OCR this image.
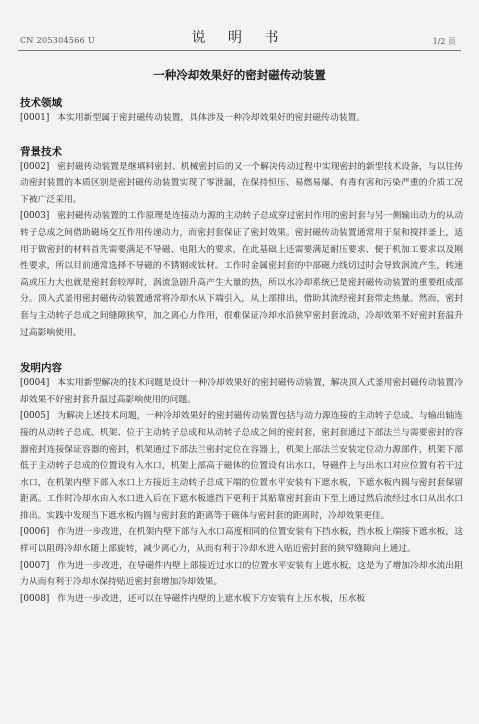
CN 205304566 U	说 明 书	1/2 页
一种冷却效果好的密封磁传动装置
技术领域

[0001] 本实用新型属于密封磁传动装置，具体涉及一种冷却效果好的密封磁传动装置。

背景技术

[0002] 密封磁传动装置是继填料密封、机械密封后的又一个解决传动过程中实现密封的新型技术设备，与以往传动密封装置的本质区别是密封磁传动装置实现了零泄漏，在保持恒压、易燃易爆、有毒有害和污染严重的介质工况下被广泛采用。

[0003] 密封磁传动装置的工作原理是连接动力源的主动转子总成穿过密封作用的密封套与另一侧输出动力的从动转子总成之间借助磁场交互作用传递动力，而密封套保证了密封效果。密封磁传动装置通常用于泵和搅拌釜上，适用于做密封的材料首先需要满足不导磁、电阻大的要求，在此基础上还需要满足耐压要求、便于机加工要求以及刚性要求，所以目前通常选择不导磁的不锈钢或钛材。工作时金属密封套的中部磁力线切过时会导致涡流产生，转速高或压力大也就是密封套较厚时，涡流急剧升高产生大量的热，所以水冷却系统已是密封磁传动装置的重要组成部分。顶入式釜用密封磁传动装置通常将冷却水从下端引入，从上部排出，借助其流经密封套带走热量。然而，密封套与主动转子总成之间缝隙狭窄，加之离心力作用，很难保证冷却水沿狭窄密封套流动，冷却效果不好密封套温升过高影响使用。

发明内容

[0004] 本实用新型解决的技术问题是设计一种冷却效果好的密封磁传动装置，解决顶入式釜用密封磁传动装置冷却效果不好密封套升温过高影响使用的问题。

[0005] 为解决上述技术问题，一种冷却效果好的密封磁传动装置包括与动力源连接的主动转子总成、与输出轴连接的从动转子总成、机架、位于主动转子总成和从动转子总成之间的密封套，密封套通过下部法兰与需要密封的容器密封连接保证容器的密封，机架通过下部法兰密封定位在容器上，机架上部法兰安装定位动力源部件，机架下部低于主动转子总成的位置设有入水口，机架上部高于磁体的位置设有出水口，导磁件上与出水口对应位置有若干过水口，在机架内壁下部入水口上方接近主动转子总成下端的位置水平安装有下遮水板，下遮水板内圆与密封套保留距离。工作时冷却水由入水口进入后在下遮水板遮挡下更利于其贴靠密封套由下至上通过然后流经过水口从出水口排出。实践中发现当下遮水板内圆与密封套的距离等于磁体与密封套的距离时，冷却效果更佳。

[0006] 作为进一步改进，在机架内壁下部与入水口高度相同的位置安装有下挡水板，挡水板上端接下遮水板，这样可以阻碍冷却水随上部旋转，减少离心力，从而有利于冷却水进入贴近密封套的狭窄缝隙向上通过。

[0007] 作为进一步改进，在导磁件内壁上部接近过水口的位置水平安装有上遮水板，这是为了增加冷却水流出阻力从而有利于冷却水保持贴近密封套增加冷却效果。

[0008] 作为进一步改进，还可以在导磁件内壁的上遮水板下方安装有上压水板，压水板
